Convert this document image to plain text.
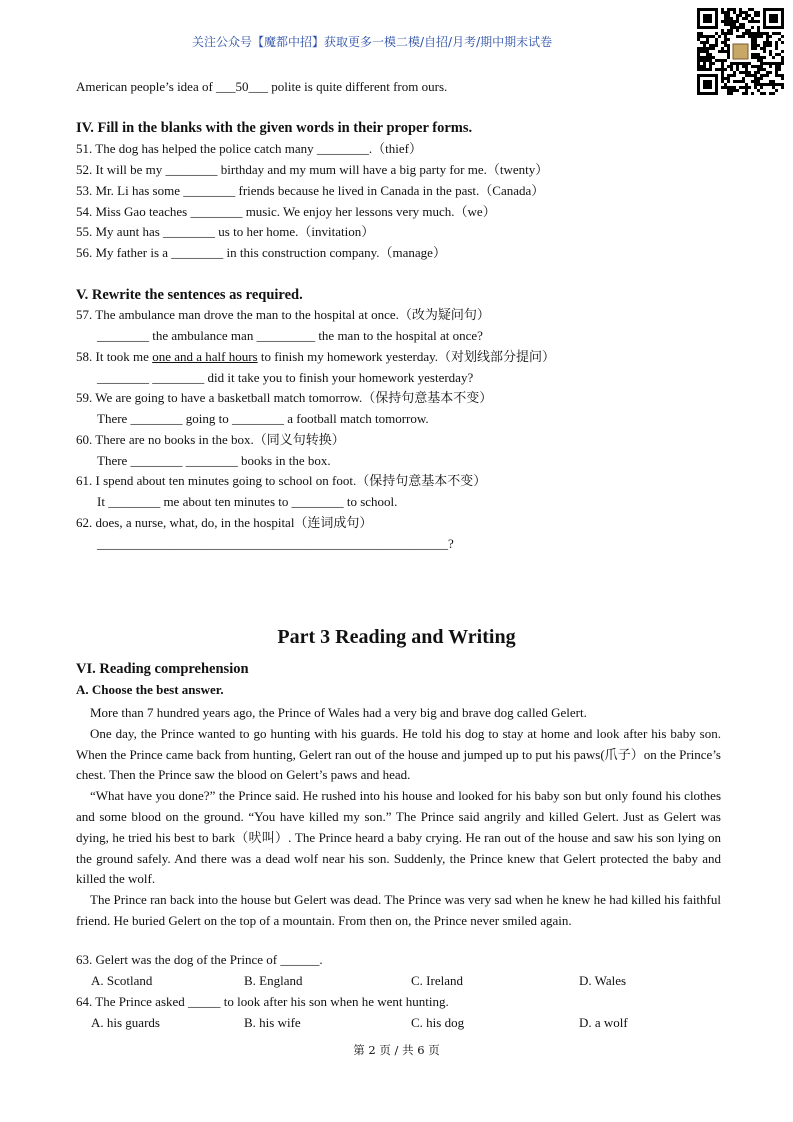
关注公众号【魔都中招】获取更多一模二模/自招/月考/期中期末试卷
American people’s idea of ___50___ polite is quite different from ours.
IV. Fill in the blanks with the given words in their proper forms.
51. The dog has helped the police catch many ________.（thief）
52. It will be my ________ birthday and my mum will have a big party for me.（twenty）
53. Mr. Li has some ________ friends because he lived in Canada in the past.（Canada）
54. Miss Gao teaches ________ music. We enjoy her lessons very much.（we）
55. My aunt has ________ us to her home.（invitation）
56. My father is a ________ in this construction company.（manage）
V. Rewrite the sentences as required.
57. The ambulance man drove the man to the hospital at once.（改为疑问句）
________ the ambulance man _________ the man to the hospital at once?
58. It took me one and a half hours to finish my homework yesterday.（对划线部分提问）
________ ________ did it take you to finish your homework yesterday?
59. We are going to have a basketball match tomorrow.（保持句意基本不变）
There ________ going to ________ a football match tomorrow.
60. There are no books in the box.（同义句转换）
There ________ ________ books in the box.
61. I spend about ten minutes going to school on foot.（保持句意基本不变）
It ________ me about ten minutes to ________ to school.
62. does, a nurse, what, do, in the hospital（连词成句）
______________________________________________________?
Part 3 Reading and Writing
VI. Reading comprehension
A. Choose the best answer.

More than 7 hundred years ago, the Prince of Wales had a very big and brave dog called Gelert.

One day, the Prince wanted to go hunting with his guards. He told his dog to stay at home and look after his baby son. When the Prince came back from hunting, Gelert ran out of the house and jumped up to put his paws(爪子）on the Prince’s chest. Then the Prince saw the blood on Gelert’s paws and head.

“What have you done?” the Prince said. He rushed into his house and looked for his baby son but only found his clothes and some blood on the ground. “You have killed my son.” The Prince said angrily and killed Gelert. Just as Gelert was dying, he tried his best to bark（吠叫）. The Prince heard a baby crying. He ran out of the house and saw his son lying on the ground safely. And there was a dead wolf near his son. Suddenly, the Prince knew that Gelert protected the baby and killed the wolf.

The Prince ran back into the house but Gelert was dead. The Prince was very sad when he knew he had killed his faithful friend. He buried Gelert on the top of a mountain. From then on, the Prince never smiled again.

63. Gelert was the dog of the Prince of ______.
A. Scotland	B. England	C. Ireland	D. Wales
64. The Prince asked _____ to look after his son when he went hunting.
A. his guards	B. his wife	C. his dog	D. a wolf
第 2 页 / 共 6 页
